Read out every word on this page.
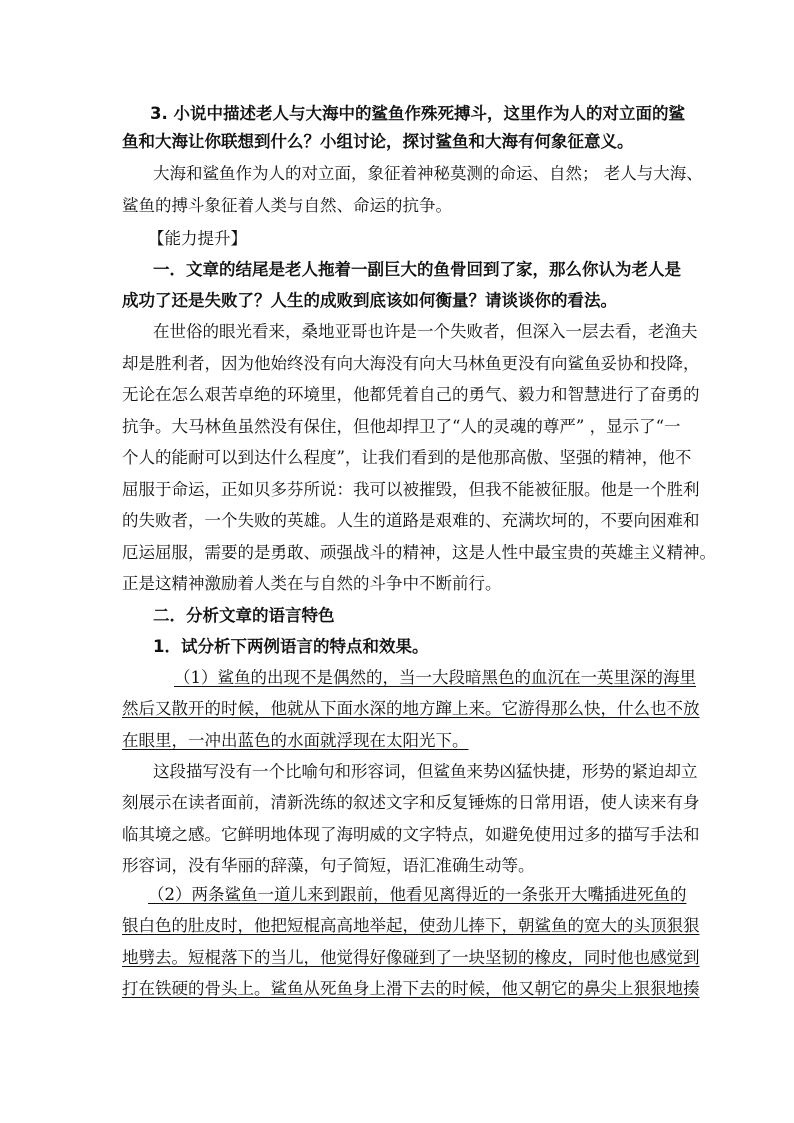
3. 小说中描述老人与大海中的鲨鱼作殊死搏斗，这里作为人的对立面的鲨
鱼和大海让你联想到什么？小组讨论，探讨鲨鱼和大海有何象征意义。
大海和鲨鱼作为人的对立面，象征着神秘莫测的命运、自然； 老人与大海、
鲨鱼的搏斗象征着人类与自然、命运的抗争。
【能力提升】
一．文章的结尾是老人拖着一副巨大的鱼骨回到了家，那么你认为老人是
成功了还是失败了？人生的成败到底该如何衡量？请谈谈你的看法。
在世俗的眼光看来，桑地亚哥也许是一个失败者，但深入一层去看，老渔夫
却是胜利者，因为他始终没有向大海没有向大马林鱼更没有向鲨鱼妥协和投降，
无论在怎么艰苦卓绝的环境里，他都凭着自己的勇气、毅力和智慧进行了奋勇的
抗争。大马林鱼虽然没有保住，但他却捍卫了“人的灵魂的尊严” ，显示了“一
个人的能耐可以到达什么程度”，让我们看到的是他那高傲、坚强的精神，他不
屈服于命运，正如贝多芬所说：我可以被摧毁，但我不能被征服。他是一个胜利
的失败者，一个失败的英雄。人生的道路是艰难的、充满坎坷的，不要向困难和
厄运屈服，需要的是勇敢、顽强战斗的精神，这是人性中最宝贵的英雄主义精神。
正是这精神激励着人类在与自然的斗争中不断前行。
二．分析文章的语言特色
1．试分析下两例语言的特点和效果。
（1）鲨鱼的出现不是偶然的，当一大段暗黑色的血沉在一英里深的海里
然后又散开的时候，他就从下面水深的地方蹿上来。它游得那么快，什么也不放
在眼里，一冲出蓝色的水面就浮现在太阳光下。
这段描写没有一个比喻句和形容词，但鲨鱼来势凶猛快捷，形势的紧迫却立
刻展示在读者面前，清新洗练的叙述文字和反复锤炼的日常用语，使人读来有身
临其境之感。它鲜明地体现了海明威的文字特点，如避免使用过多的描写手法和
形容词，没有华丽的辞藻，句子简短，语汇准确生动等。
（2）两条鲨鱼一道儿来到跟前，他看见离得近的一条张开大嘴插进死鱼的
银白色的肚皮时，他把短棍高高地举起，使劲儿捧下，朝鲨鱼的宽大的头顶狠狠
地劈去。短棍落下的当儿，他觉得好像碰到了一块坚韧的橡皮，同时他也感觉到
打在铁硬的骨头上。鲨鱼从死鱼身上滑下去的时候，他又朝它的鼻尖上狠狠地揍
